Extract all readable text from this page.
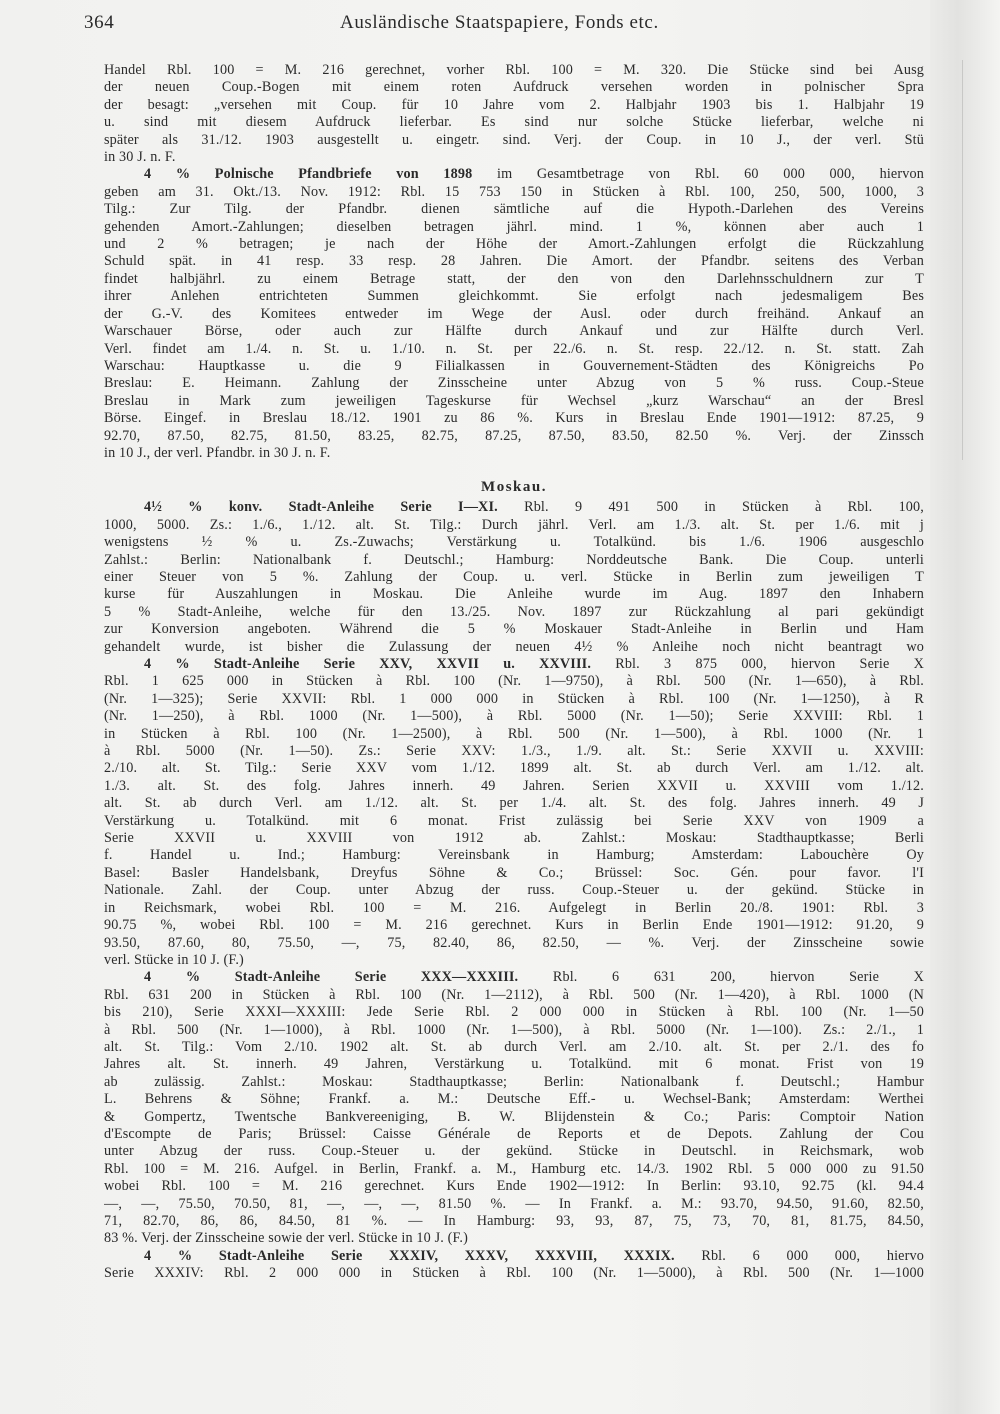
364	Ausländische Staatspapiere, Fonds etc.

Handel Rbl. 100 = M. 216 gerechnet, vorher Rbl. 100 = M. 320. Die Stücke sind bei Ausg

der neuen Coup.-Bogen mit einem roten Aufdruck versehen worden in polnischer Spra

der besagt: „versehen mit Coup. für 10 Jahre vom 2. Halbjahr 1903 bis 1. Halbjahr 19

u. sind mit diesem Aufdruck lieferbar. Es sind nur solche Stücke lieferbar, welche ni

später als 31./12. 1903 ausgestellt u. eingetr. sind. Verj. der Coup. in 10 J., der verl. Stü

in 30 J. n. F.

4 % Polnische Pfandbriefe von 1898 im Gesamtbetrage von Rbl. 60 000 000, hiervon

geben am 31. Okt./13. Nov. 1912: Rbl. 15 753 150 in Stücken à Rbl. 100, 250, 500, 1000, 3

Tilg.: Zur Tilg. der Pfandbr. dienen sämtliche auf die Hypoth.-Darlehen des Vereins

gehenden Amort.-Zahlungen; dieselben betragen jährl. mind. 1 %, können aber auch 1

und 2 % betragen; je nach der Höhe der Amort.-Zahlungen erfolgt die Rückzahlung

Schuld spät. in 41 resp. 33 resp. 28 Jahren. Die Amort. der Pfandbr. seitens des Verban

findet halbjährl. zu einem Betrage statt, der den von den Darlehnsschuldnern zur T

ihrer Anlehen entrichteten Summen gleichkommt. Sie erfolgt nach jedesmaligem Bes

der G.-V. des Komitees entweder im Wege der Ausl. oder durch freihänd. Ankauf an

Warschauer Börse, oder auch zur Hälfte durch Ankauf und zur Hälfte durch Verl.

Verl. findet am 1./4. n. St. u. 1./10. n. St. per 22./6. n. St. resp. 22./12. n. St. statt. Zah

Warschau: Hauptkasse u. die 9 Filialkassen in Gouvernement-Städten des Königreichs Po

Breslau: E. Heimann. Zahlung der Zinsscheine unter Abzug von 5 % russ. Coup.-Steue

Breslau in Mark zum jeweiligen Tageskurse für Wechsel „kurz Warschau“ an der Bresl

Börse. Eingef. in Breslau 18./12. 1901 zu 86 %. Kurs in Breslau Ende 1901—1912: 87.25, 9

92.70, 87.50, 82.75, 81.50, 83.25, 82.75, 87.25, 87.50, 83.50, 82.50 %. Verj. der Zinssch

in 10 J., der verl. Pfandbr. in 30 J. n. F.

Moskau.

4½ % konv. Stadt-Anleihe Serie I—XI. Rbl. 9 491 500 in Stücken à Rbl. 100,

1000, 5000. Zs.: 1./6., 1./12. alt. St. Tilg.: Durch jährl. Verl. am 1./3. alt. St. per 1./6. mit j

wenigstens ½ % u. Zs.-Zuwachs; Verstärkung u. Totalkünd. bis 1./6. 1906 ausgeschlo

Zahlst.: Berlin: Nationalbank f. Deutschl.; Hamburg: Norddeutsche Bank. Die Coup. unterli

einer Steuer von 5 %. Zahlung der Coup. u. verl. Stücke in Berlin zum jeweiligen T

kurse für Auszahlungen in Moskau. Die Anleihe wurde im Aug. 1897 den Inhabern

5 % Stadt-Anleihe, welche für den 13./25. Nov. 1897 zur Rückzahlung al pari gekündigt

zur Konversion angeboten. Während die 5 % Moskauer Stadt-Anleihe in Berlin und Ham

gehandelt wurde, ist bisher die Zulassung der neuen 4½ % Anleihe noch nicht beantragt wo

4 % Stadt-Anleihe Serie XXV, XXVII u. XXVIII. Rbl. 3 875 000, hiervon Serie X

Rbl. 1 625 000 in Stücken à Rbl. 100 (Nr. 1—9750), à Rbl. 500 (Nr. 1—650), à Rbl.

(Nr. 1—325); Serie XXVII: Rbl. 1 000 000 in Stücken à Rbl. 100 (Nr. 1—1250), à R

(Nr. 1—250), à Rbl. 1000 (Nr. 1—500), à Rbl. 5000 (Nr. 1—50); Serie XXVIII: Rbl. 1

in Stücken à Rbl. 100 (Nr. 1—2500), à Rbl. 500 (Nr. 1—500), à Rbl. 1000 (Nr. 1

à Rbl. 5000 (Nr. 1—50). Zs.: Serie XXV: 1./3., 1./9. alt. St.: Serie XXVII u. XXVIII:

2./10. alt. St. Tilg.: Serie XXV vom 1./12. 1899 alt. St. ab durch Verl. am 1./12. alt.

1./3. alt. St. des folg. Jahres innerh. 49 Jahren. Serien XXVII u. XXVIII vom 1./12.

alt. St. ab durch Verl. am 1./12. alt. St. per 1./4. alt. St. des folg. Jahres innerh. 49 J

Verstärkung u. Totalkünd. mit 6 monat. Frist zulässig bei Serie XXV von 1909 a

Serie XXVII u. XXVIII von 1912 ab. Zahlst.: Moskau: Stadthauptkasse; Berli

f. Handel u. Ind.; Hamburg: Vereinsbank in Hamburg; Amsterdam: Labouchère Oy

Basel: Basler Handelsbank, Dreyfus Söhne & Co.; Brüssel: Soc. Gén. pour favor. l'I

Nationale. Zahl. der Coup. unter Abzug der russ. Coup.-Steuer u. der gekünd. Stücke in

in Reichsmark, wobei Rbl. 100 = M. 216. Aufgelegt in Berlin 20./8. 1901: Rbl. 3

90.75 %, wobei Rbl. 100 = M. 216 gerechnet. Kurs in Berlin Ende 1901—1912: 91.20, 9

93.50, 87.60, 80, 75.50, —, 75, 82.40, 86, 82.50, — %. Verj. der Zinsscheine sowie

verl. Stücke in 10 J. (F.)

4 % Stadt-Anleihe Serie XXX—XXXIII. Rbl. 6 631 200, hiervon Serie X

Rbl. 631 200 in Stücken à Rbl. 100 (Nr. 1—2112), à Rbl. 500 (Nr. 1—420), à Rbl. 1000 (N

bis 210), Serie XXXI—XXXIII: Jede Serie Rbl. 2 000 000 in Stücken à Rbl. 100 (Nr. 1—50

à Rbl. 500 (Nr. 1—1000), à Rbl. 1000 (Nr. 1—500), à Rbl. 5000 (Nr. 1—100). Zs.: 2./1., 1

alt. St. Tilg.: Vom 2./10. 1902 alt. St. ab durch Verl. am 2./10. alt. St. per 2./1. des fo

Jahres alt. St. innerh. 49 Jahren, Verstärkung u. Totalkünd. mit 6 monat. Frist von 19

ab zulässig. Zahlst.: Moskau: Stadthauptkasse; Berlin: Nationalbank f. Deutschl.; Hambur

L. Behrens & Söhne; Frankf. a. M.: Deutsche Eff.- u. Wechsel-Bank; Amsterdam: Werthei

& Gompertz, Twentsche Bankvereeniging, B. W. Blijdenstein & Co.; Paris: Comptoir Nation

d'Escompte de Paris; Brüssel: Caisse Générale de Reports et de Depots. Zahlung der Cou

unter Abzug der russ. Coup.-Steuer u. der gekünd. Stücke in Deutschl. in Reichsmark, wob

Rbl. 100 = M. 216. Aufgel. in Berlin, Frankf. a. M., Hamburg etc. 14./3. 1902 Rbl. 5 000 000 zu 91.50

wobei Rbl. 100 = M. 216 gerechnet. Kurs Ende 1902—1912: In Berlin: 93.10, 92.75 (kl. 94.4

—, —, 75.50, 70.50, 81, —, —, —, 81.50 %. — In Frankf. a. M.: 93.70, 94.50, 91.60, 82.50,

71, 82.70, 86, 86, 84.50, 81 %. — In Hamburg: 93, 93, 87, 75, 73, 70, 81, 81.75, 84.50,

83 %. Verj. der Zinsscheine sowie der verl. Stücke in 10 J. (F.)

4 % Stadt-Anleihe Serie XXXIV, XXXV, XXXVIII, XXXIX. Rbl. 6 000 000, hiervo

Serie XXXIV: Rbl. 2 000 000 in Stücken à Rbl. 100 (Nr. 1—5000), à Rbl. 500 (Nr. 1—1000
